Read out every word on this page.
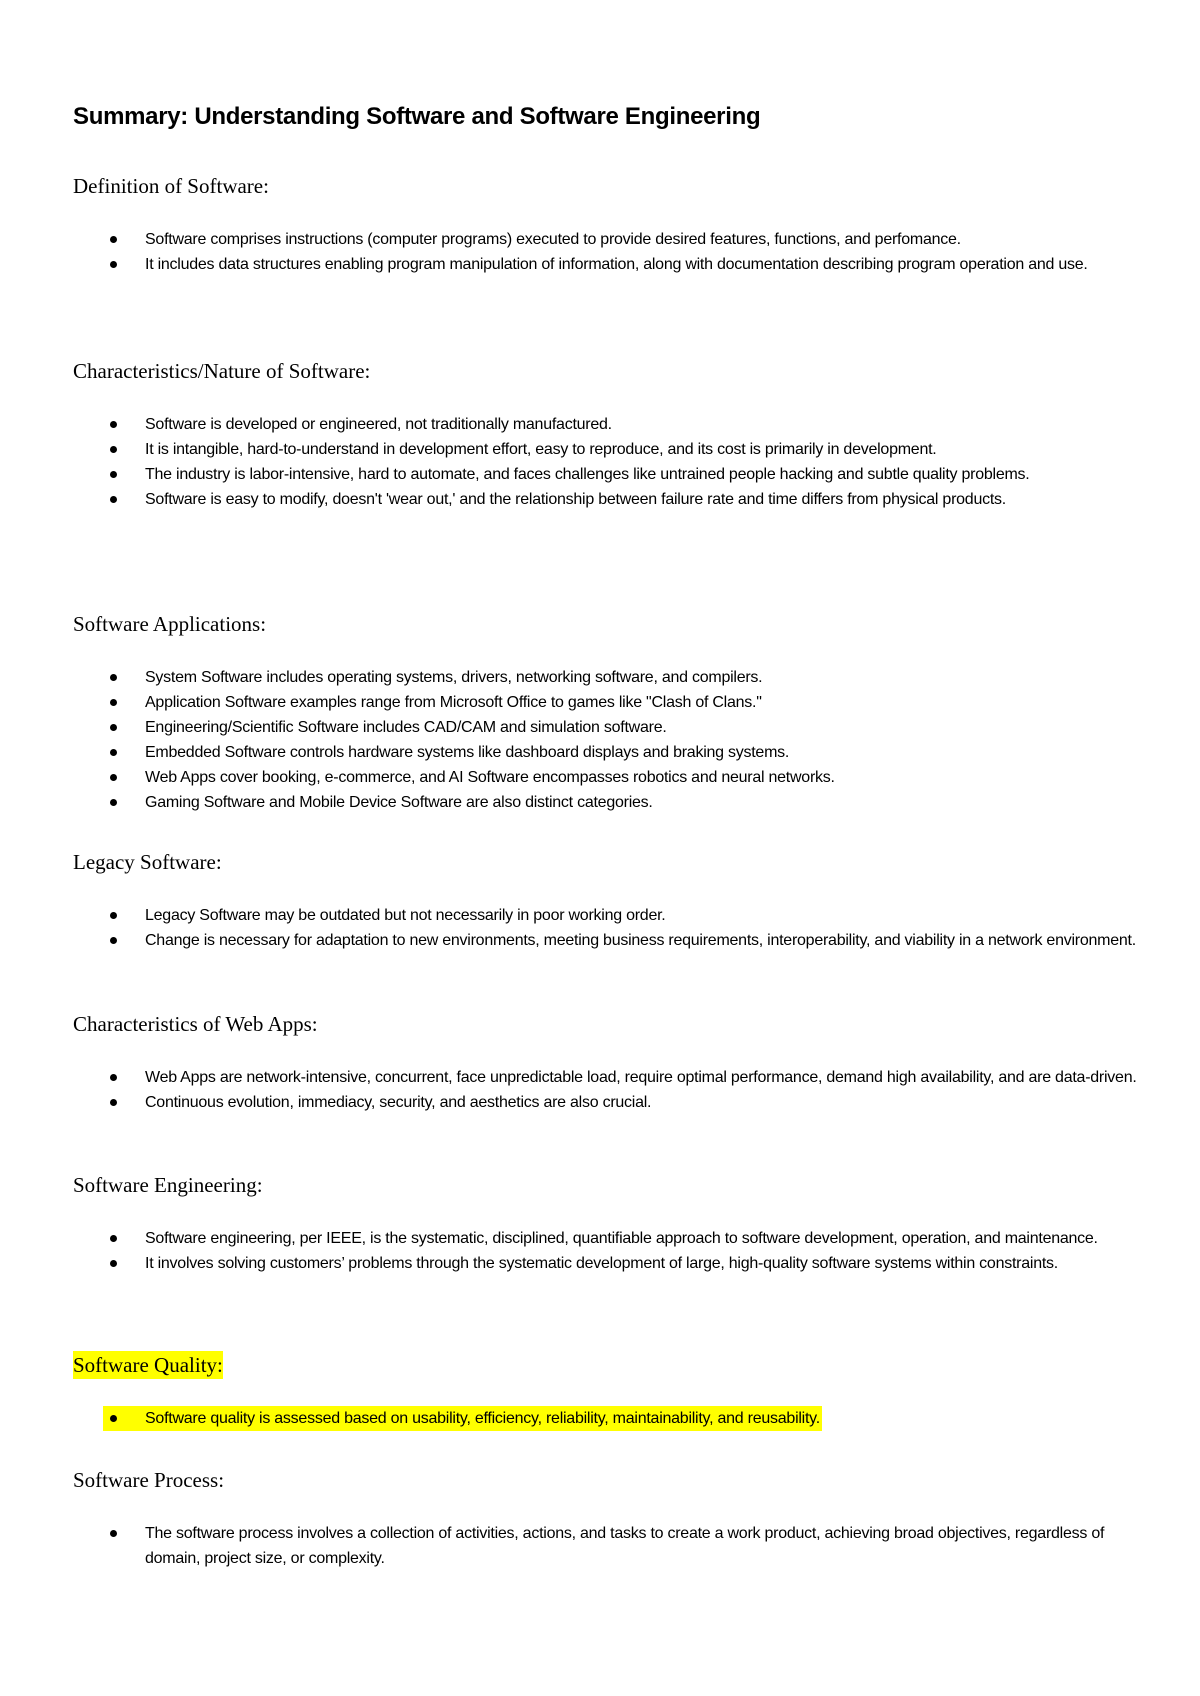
Summary: Understanding Software and Software Engineering
Definition of Software:
Software comprises instructions (computer programs) executed to provide desired features, functions, and perfomance.
It includes data structures enabling program manipulation of information, along with documentation describing program operation and use.
Characteristics/Nature of Software:
Software is developed or engineered, not traditionally manufactured.
It is intangible, hard-to-understand in development effort, easy to reproduce, and its cost is primarily in development.
The industry is labor-intensive, hard to automate, and faces challenges like untrained people hacking and subtle quality problems.
Software is easy to modify, doesn't 'wear out,' and the relationship between failure rate and time differs from physical products.
Software Applications:
System Software includes operating systems, drivers, networking software, and compilers.
Application Software examples range from Microsoft Office to games like "Clash of Clans."
Engineering/Scientific Software includes CAD/CAM and simulation software.
Embedded Software controls hardware systems like dashboard displays and braking systems.
Web Apps cover booking, e-commerce, and AI Software encompasses robotics and neural networks.
Gaming Software and Mobile Device Software are also distinct categories.
Legacy Software:
Legacy Software may be outdated but not necessarily in poor working order.
Change is necessary for adaptation to new environments, meeting business requirements, interoperability, and viability in a network environment.
Characteristics of Web Apps:
Web Apps are network-intensive, concurrent, face unpredictable load, require optimal performance, demand high availability, and are data-driven.
Continuous evolution, immediacy, security, and aesthetics are also crucial.
Software Engineering:
Software engineering, per IEEE, is the systematic, disciplined, quantifiable approach to software development, operation, and maintenance.
It involves solving customers’ problems through the systematic development of large, high-quality software systems within constraints.
Software Quality:
Software quality is assessed based on usability, efficiency, reliability, maintainability, and reusability.
Software Process:
The software process involves a collection of activities, actions, and tasks to create a work product, achieving broad objectives, regardless of domain, project size, or complexity.
